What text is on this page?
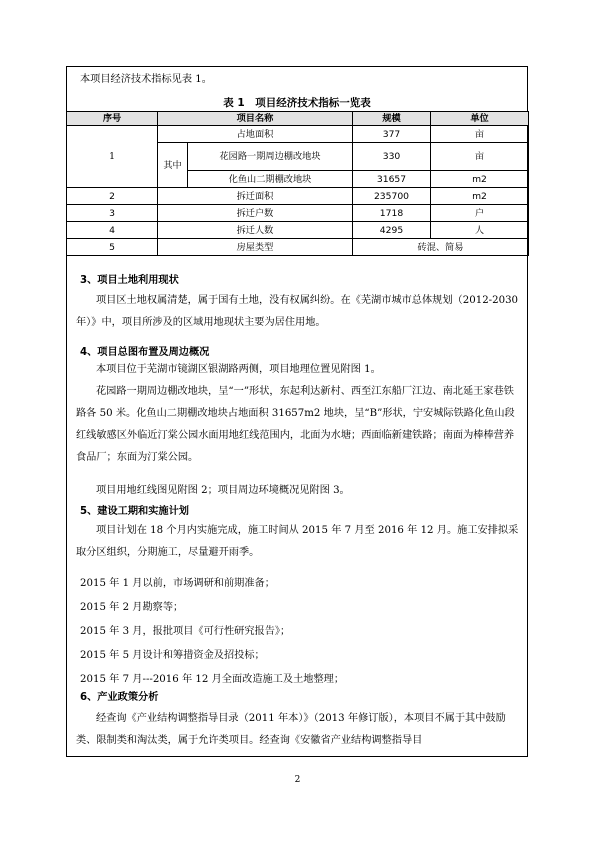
本项目经济技术指标见表 1。
表 1　项目经济技术指标一览表
序号	项目名称		规模	单位
1	占地面积		377	亩
	其中	花园路一期周边棚改地块	330	亩
		化鱼山二期棚改地块	31657	m2
2	拆迁面积		235700	m2
3	拆迁户数		1718	户
4	拆迁人数		4295	人
5	房屋类型		砖混、简易	
3、项目土地利用现状
项目区土地权属清楚，属于国有土地，没有权属纠纷。在《芜湖市城市总体规划（2012-2030 年）》中，项目所涉及的区域用地现状主要为居住用地。
4、项目总图布置及周边概况
本项目位于芜湖市镜湖区银湖路两侧，项目地理位置见附图 1。
花园路一期周边棚改地块，呈“一”形状，东起利达新村、西至江东船厂江边、南北延王家巷铁路各 50 米。化鱼山二期棚改地块占地面积 31657m2 地块，呈“B”形状，宁安城际铁路化鱼山段红线敏感区外临近汀棠公园水面用地红线范围内，北面为水塘；西面临新建铁路；南面为棒棒营养食品厂；东面为汀棠公园。
项目用地红线图见附图 2；项目周边环境概况见附图 3。
5、建设工期和实施计划
项目计划在 18 个月内实施完成，施工时间从 2015 年 7 月至 2016 年 12 月。施工安排拟采取分区组织，分期施工，尽量避开雨季。
2015 年 1 月以前，市场调研和前期准备；
2015 年 2 月勘察等；
2015 年 3 月，报批项目《可行性研究报告》；
2015 年 5 月设计和筹措资金及招投标；
2015 年 7 月---2016 年 12 月全面改造施工及土地整理；
6、产业政策分析
经查询《产业结构调整指导目录（2011 年本）》（2013 年修订版），本项目不属于其中鼓励类、限制类和淘汰类，属于允许类项目。经查询《安徽省产业结构调整指导目
2
